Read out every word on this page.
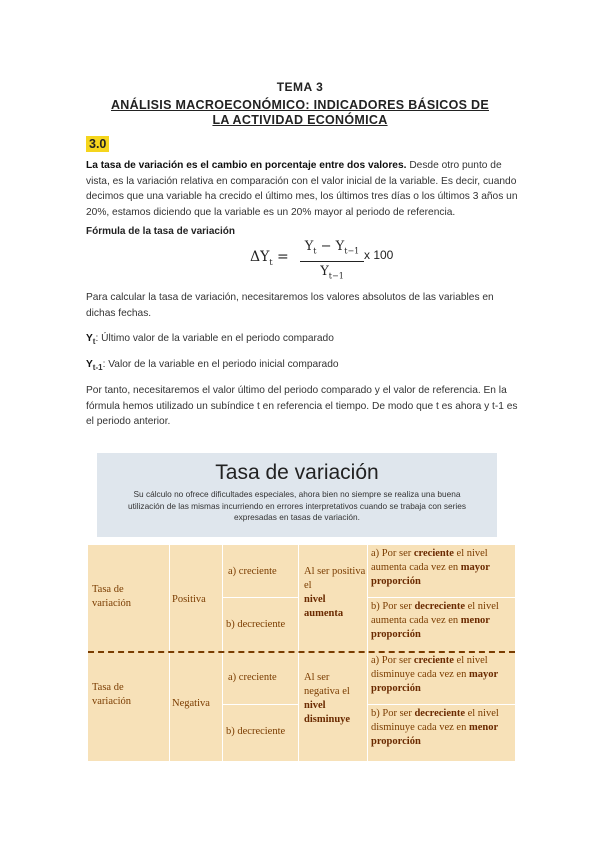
TEMA 3
ANÁLISIS MACROECONÓMICO: INDICADORES BÁSICOS DE LA ACTIVIDAD ECONÓMICA
3.0
La tasa de variación es el cambio en porcentaje entre dos valores. Desde otro punto de vista, es la variación relativa en comparación con el valor inicial de la variable. Es decir, cuando decimos que una variable ha crecido el último mes, los últimos tres días o los últimos 3 años un 20%, estamos diciendo que la variable es un 20% mayor al periodo de referencia.
Fórmula de la tasa de variación
$\Delta Y_t$ =
$Y_t - Y_{t-1}$
$Y_{t-1}$
x 100
Para calcular la tasa de variación, necesitaremos los valores absolutos de las variables en dichas fechas.
$Y_t$: Último valor de la variable en el periodo comparado
$Y_{t-1}$: Valor de la variable en el periodo inicial comparado
Por tanto, necesitaremos el valor último del periodo comparado y el valor de referencia. En la fórmula hemos utilizado un subíndice t en referencia el tiempo. De modo que t es ahora y t-1 es el periodo anterior.
Tasa de variación
Su cálculo no ofrece dificultades especiales, ahora bien no siempre se realiza una buena utilización de las mismas incurriendo en errores interpretativos cuando se trabaja con series expresadas en tasas de variación.
Tasa de variación	Positiva
a) creciente
b) decreciente
Al ser positiva el
nivel aumenta
a) Por ser creciente el nivel aumenta cada vez en mayor proporción
b) Por ser decreciente el nivel aumenta cada vez en menor proporción
Tasa de variación	Negativa
a) creciente
b) decreciente
Al ser negativa el
nivel disminuye
a) Por ser creciente el nivel disminuye cada vez en mayor proporción
b) Por ser decreciente el nivel disminuye cada vez en menor proporción
